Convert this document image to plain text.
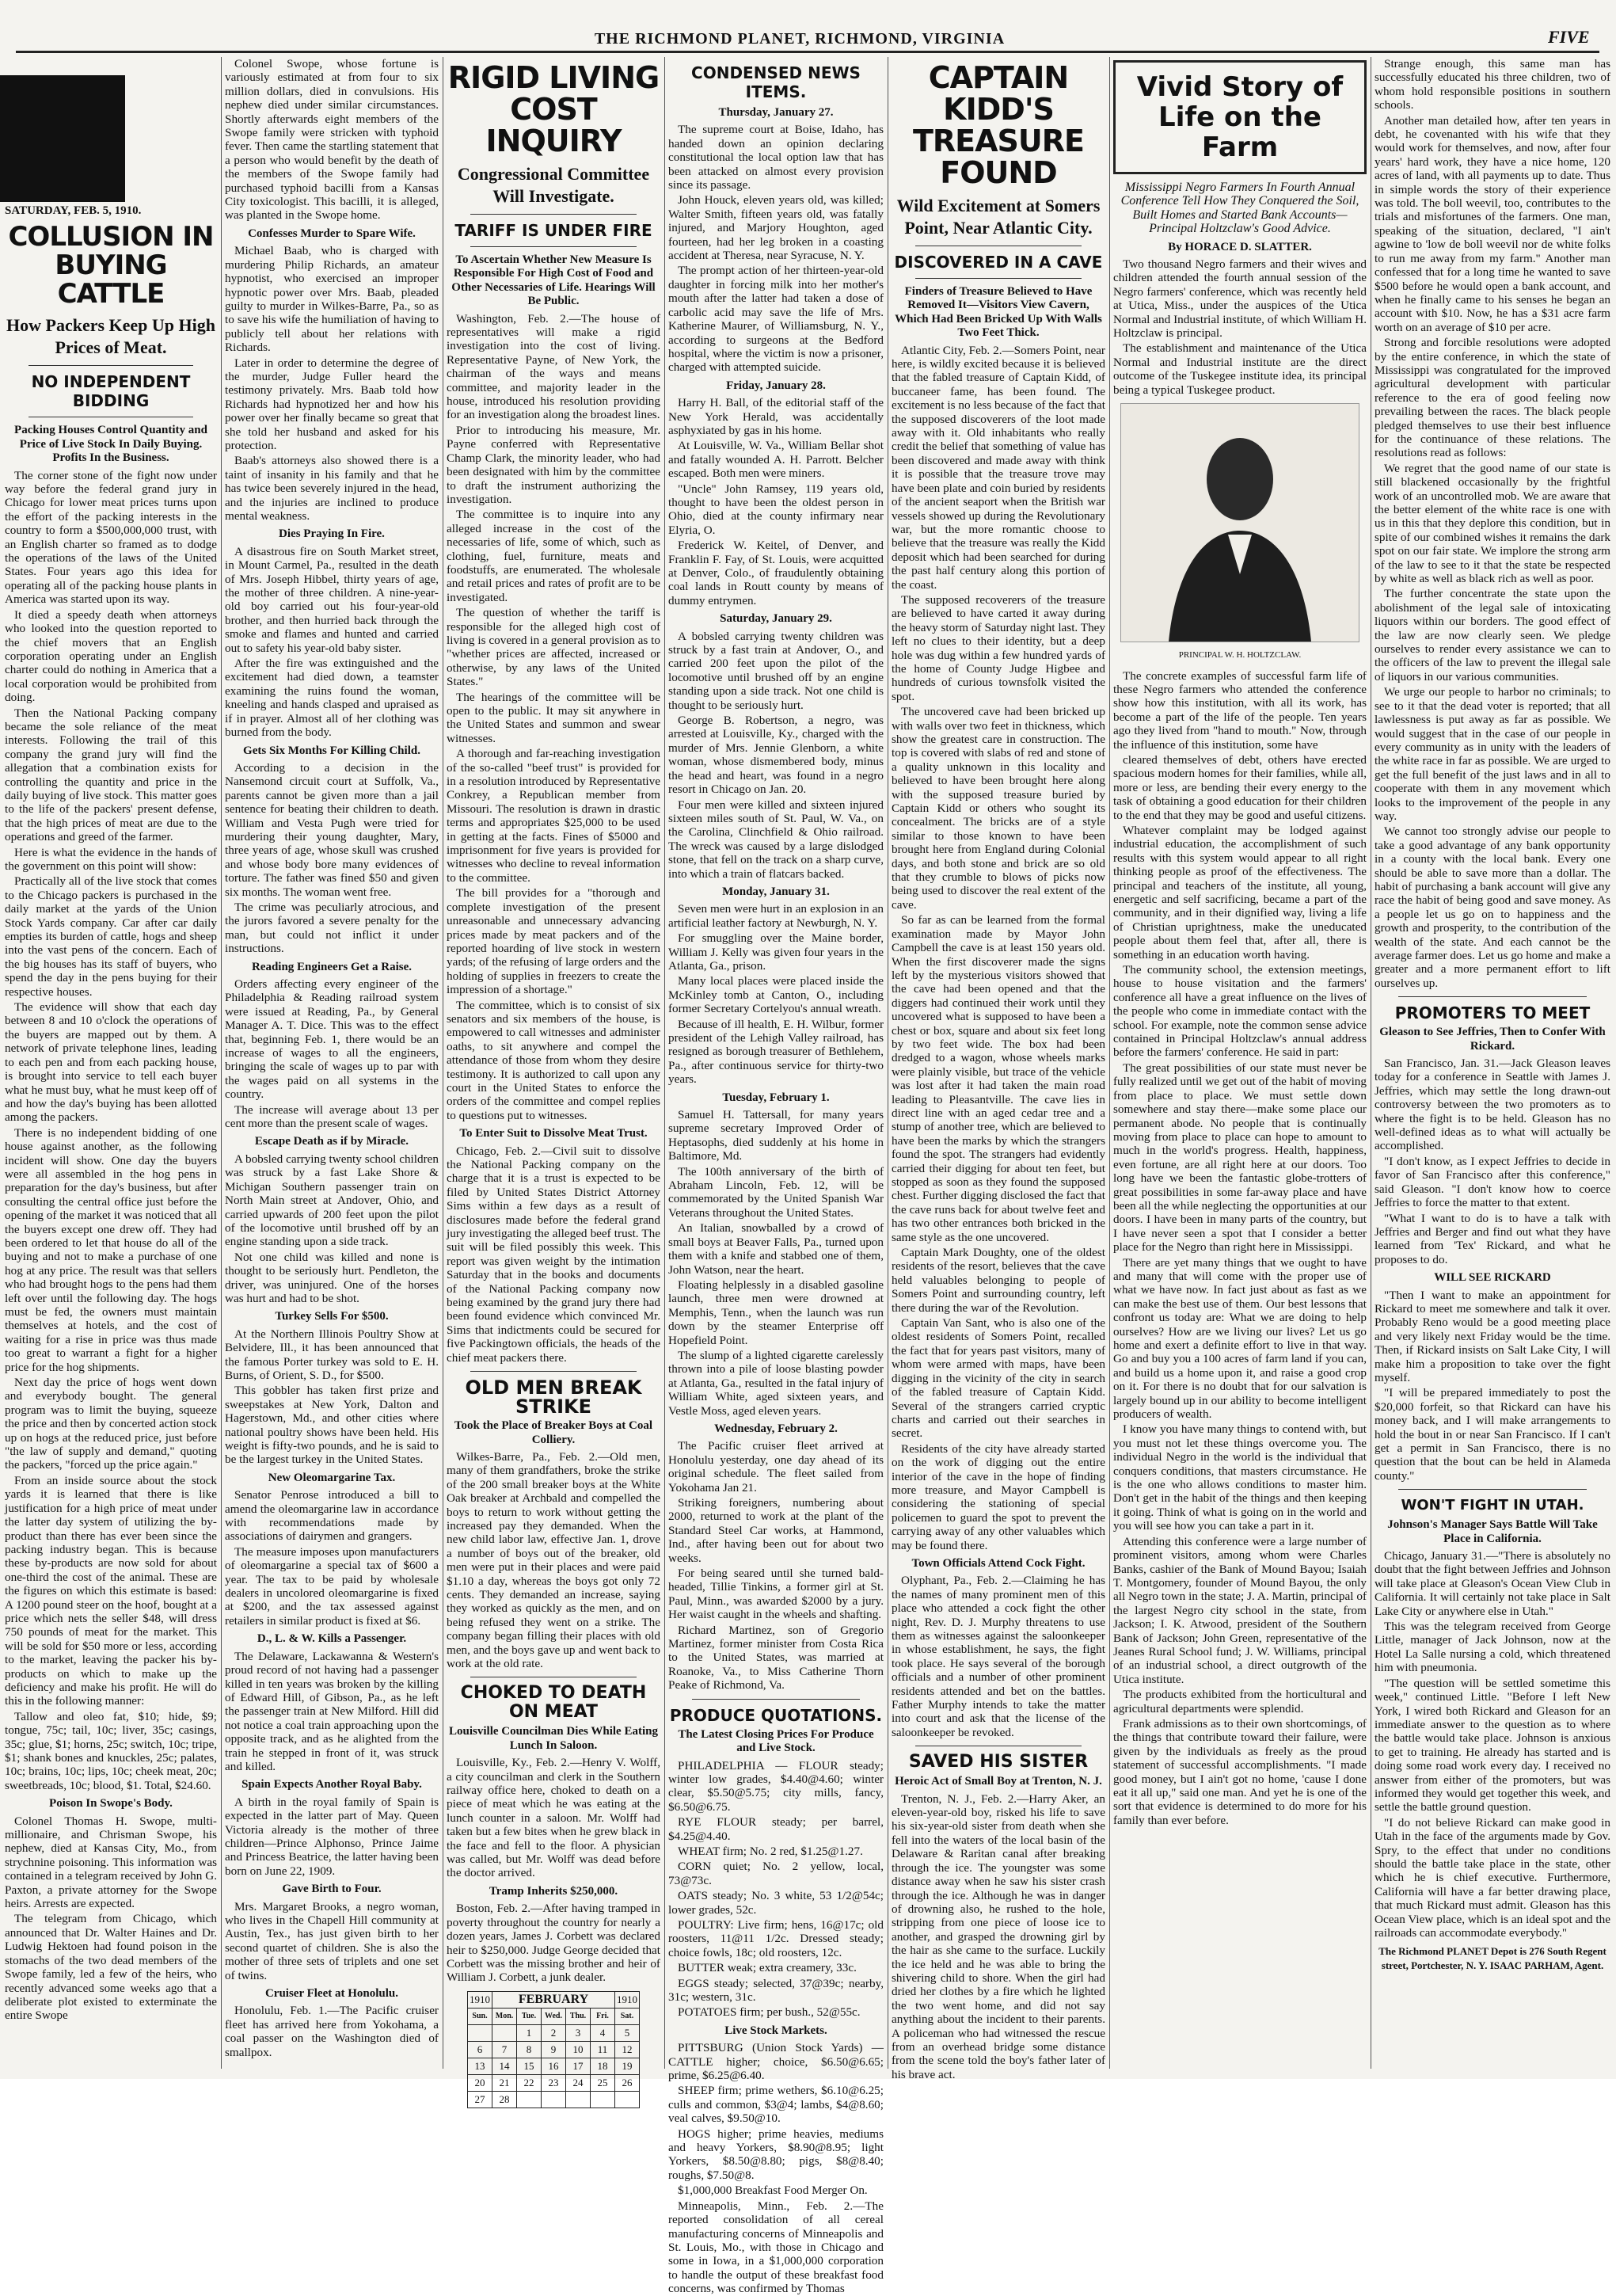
THE RICHMOND PLANET, RICHMOND, VIRGINIA	FIVE
SATURDAY, FEB. 5, 1910.
COLLUSION IN BUYING CATTLE
How Packers Keep Up High Prices of Meat.
NO INDEPENDENT BIDDING
Packing Houses Control Quantity and Price of Live Stock In Daily Buying. Profits In the Business.

The corner stone of the fight now under way before the federal grand jury in Chicago for lower meat prices turns upon the effort of the packing interests in the country to form a $500,000,000 trust, with an English charter so framed as to dodge the operations of the laws of the United States. Four years ago this idea for operating all of the packing house plants in America was started upon its way.

It died a speedy death when attorneys who looked into the question reported to the chief movers that an English corporation operating under an English charter could do nothing in America that a local corporation would be prohibited from doing.

Then the National Packing company became the sole reliance of the meat interests. Following the trail of this company the grand jury will find the allegation that a combination exists for controlling the quantity and price in the daily buying of live stock. This matter goes to the life of the packers' present defense, that the high prices of meat are due to the operations and greed of the farmer.

Here is what the evidence in the hands of the government on this point will show:

Practically all of the live stock that comes to the Chicago packers is purchased in the daily market at the yards of the Union Stock Yards company. Car after car daily empties its burden of cattle, hogs and sheep into the vast pens of the concern. Each of the big houses has its staff of buyers, who spend the day in the pens buying for their respective houses.

The evidence will show that each day between 8 and 10 o'clock the operations of the buyers are mapped out by them. A network of private telephone lines, leading to each pen and from each packing house, is brought into service to tell each buyer what he must buy, what he must keep off of and how the day's buying has been allotted among the packers.

There is no independent bidding of one house against another, as the following incident will show. One day the buyers were all assembled in the hog pens in preparation for the day's business, but after consulting the central office just before the opening of the market it was noticed that all the buyers except one drew off. They had been ordered to let that house do all of the buying and not to make a purchase of one hog at any price. The result was that sellers who had brought hogs to the pens had them left over until the following day. The hogs must be fed, the owners must maintain themselves at hotels, and the cost of waiting for a rise in price was thus made too great to warrant a fight for a higher price for the hog shipments.

Next day the price of hogs went down and everybody bought. The general program was to limit the buying, squeeze the price and then by concerted action stock up on hogs at the reduced price, just before "the law of supply and demand," quoting the packers, "forced up the price again."

From an inside source about the stock yards it is learned that there is like justification for a high price of meat under the latter day system of utilizing the by-product than there has ever been since the packing industry began. This is because these by-products are now sold for about one-third the cost of the animal. These are the figures on which this estimate is based: A 1200 pound steer on the hoof, bought at a price which nets the seller $48, will dress 750 pounds of meat for the market. This will be sold for $50 more or less, according to the market, leaving the packer his by-products on which to make up the deficiency and make his profit. He will do this in the following manner:

Tallow and oleo fat, $10; hide, $9; tongue, 75c; tail, 10c; liver, 35c; casings, 35c; glue, $1; horns, 25c; switch, 10c; tripe, $1; shank bones and knuckles, 25c; palates, 10c; brains, 10c; lips, 10c; cheek meat, 20c; sweetbreads, 10c; blood, $1. Total, $24.60.

Poison In Swope's Body.

Colonel Thomas H. Swope, multi-millionaire, and Chrisman Swope, his nephew, died at Kansas City, Mo., from strychnine poisoning. This information was contained in a telegram received by John G. Paxton, a private attorney for the Swope heirs. Arrests are expected.

The telegram from Chicago, which announced that Dr. Walter Haines and Dr. Ludwig Hektoen had found poison in the stomachs of the two dead members of the Swope family, led a few of the heirs, who recently advanced some weeks ago that a deliberate plot existed to exterminate the entire Swope

Colonel Swope, whose fortune is variously estimated at from four to six million dollars, died in convulsions. His nephew died under similar circumstances. Shortly afterwards eight members of the Swope family were stricken with typhoid fever. Then came the startling statement that a person who would benefit by the death of the members of the Swope family had purchased typhoid bacilli from a Kansas City toxicologist. This bacilli, it is alleged, was planted in the Swope home.

Confesses Murder to Spare Wife.

Michael Baab, who is charged with murdering Philip Richards, an amateur hypnotist, who exercised an improper hypnotic power over Mrs. Baab, pleaded guilty to murder in Wilkes-Barre, Pa., so as to save his wife the humiliation of having to publicly tell about her relations with Richards.

Later in order to determine the degree of the murder, Judge Fuller heard the testimony privately. Mrs. Baab told how Richards had hypnotized her and how his power over her finally became so great that she told her husband and asked for his protection.

Baab's attorneys also showed there is a taint of insanity in his family and that he has twice been severely injured in the head, and the injuries are inclined to produce mental weakness.

Dies Praying In Fire.

A disastrous fire on South Market street, in Mount Carmel, Pa., resulted in the death of Mrs. Joseph Hibbel, thirty years of age, the mother of three children. A nine-year-old boy carried out his four-year-old brother, and then hurried back through the smoke and flames and hunted and carried out to safety his year-old baby sister.

After the fire was extinguished and the excitement had died down, a teamster examining the ruins found the woman, kneeling and hands clasped and upraised as if in prayer. Almost all of her clothing was burned from the body.

Gets Six Months For Killing Child.

According to a decision in the Nansemond circuit court at Suffolk, Va., parents cannot be given more than a jail sentence for beating their children to death. William and Vesta Pugh were tried for murdering their young daughter, Mary, three years of age, whose skull was crushed and whose body bore many evidences of torture. The father was fined $50 and given six months. The woman went free.

The crime was peculiarly atrocious, and the jurors favored a severe penalty for the man, but could not inflict it under instructions.

Reading Engineers Get a Raise.

Orders affecting every engineer of the Philadelphia & Reading railroad system were issued at Reading, Pa., by General Manager A. T. Dice. This was to the effect that, beginning Feb. 1, there would be an increase of wages to all the engineers, bringing the scale of wages up to par with the wages paid on all systems in the country.

The increase will average about 13 per cent more than the present scale of wages.

Escape Death as if by Miracle.

A bobsled carrying twenty school children was struck by a fast Lake Shore & Michigan Southern passenger train on North Main street at Andover, Ohio, and carried upwards of 200 feet upon the pilot of the locomotive until brushed off by an engine standing upon a side track.

Not one child was killed and none is thought to be seriously hurt. Pendleton, the driver, was uninjured. One of the horses was hurt and had to be shot.

Turkey Sells For $500.

At the Northern Illinois Poultry Show at Belvidere, Ill., it has been announced that the famous Porter turkey was sold to E. H. Burns, of Orient, S. D., for $500.

This gobbler has taken first prize and sweepstakes at New York, Dalton and Hagerstown, Md., and other cities where national poultry shows have been held. His weight is fifty-two pounds, and he is said to be the largest turkey in the United States.

New Oleomargarine Tax.

Senator Penrose introduced a bill to amend the oleomargarine law in accordance with recommendations made by associations of dairymen and grangers.

The measure imposes upon manufacturers of oleomargarine a special tax of $600 a year. The tax to be paid by wholesale dealers in uncolored oleomargarine is fixed at $200, and the tax assessed against retailers in similar product is fixed at $6.

D., L. & W. Kills a Passenger.

The Delaware, Lackawanna & Western's proud record of not having had a passenger killed in ten years was broken by the killing of Edward Hill, of Gibson, Pa., as he left the passenger train at New Milford. Hill did not notice a coal train approaching upon the opposite track, and as he alighted from the train he stepped in front of it, was struck and killed.

Spain Expects Another Royal Baby.

A birth in the royal family of Spain is expected in the latter part of May. Queen Victoria already is the mother of three children—Prince Alphonso, Prince Jaime and Princess Beatrice, the latter having been born on June 22, 1909.

Gave Birth to Four.

Mrs. Margaret Brooks, a negro woman, who lives in the Chapell Hill community at Austin, Tex., has just given birth to her second quartet of children. She is also the mother of three sets of triplets and one set of twins.

Cruiser Fleet at Honolulu.

Honolulu, Feb. 1.—The Pacific cruiser fleet has arrived here from Yokohama, a coal passer on the Washington died of smallpox.

RIGID LIVING COST INQUIRY
Congressional Committee Will Investigate.
TARIFF IS UNDER FIRE
To Ascertain Whether New Measure Is Responsible For High Cost of Food and Other Necessaries of Life. Hearings Will Be Public.

Washington, Feb. 2.—The house of representatives will make a rigid investigation into the cost of living. Representative Payne, of New York, the chairman of the ways and means committee, and majority leader in the house, introduced his resolution providing for an investigation along the broadest lines.

Prior to introducing his measure, Mr. Payne conferred with Representative Champ Clark, the minority leader, who had been designated with him by the committee to draft the instrument authorizing the investigation.

The committee is to inquire into any alleged increase in the cost of the necessaries of life, some of which, such as clothing, fuel, furniture, meats and foodstuffs, are enumerated. The wholesale and retail prices and rates of profit are to be investigated.

The question of whether the tariff is responsible for the alleged high cost of living is covered in a general provision as to "whether prices are affected, increased or otherwise, by any laws of the United States."

The hearings of the committee will be open to the public. It may sit anywhere in the United States and summon and swear witnesses.

A thorough and far-reaching investigation of the so-called "beef trust" is provided for in a resolution introduced by Representative Conkrey, a Republican member from Missouri. The resolution is drawn in drastic terms and appropriates $25,000 to be used in getting at the facts. Fines of $5000 and imprisonment for five years is provided for witnesses who decline to reveal information to the committee.

The bill provides for a "thorough and complete investigation of the present unreasonable and unnecessary advancing prices made by meat packers and of the reported hoarding of live stock in western yards; of the refusing of large orders and the holding of supplies in freezers to create the impression of a shortage."

The committee, which is to consist of six senators and six members of the house, is empowered to call witnesses and administer oaths, to sit anywhere and compel the attendance of those from whom they desire testimony. It is authorized to call upon any court in the United States to enforce the orders of the committee and compel replies to questions put to witnesses.

To Enter Suit to Dissolve Meat Trust.

Chicago, Feb. 2.—Civil suit to dissolve the National Packing company on the charge that it is a trust is expected to be filed by United States District Attorney Sims within a few days as a result of disclosures made before the federal grand jury investigating the alleged beef trust. The suit will be filed possibly this week. This report was given weight by the intimation Saturday that in the books and documents of the National Packing company now being examined by the grand jury there had been found evidence which convinced Mr. Sims that indictments could be secured for five Packingtown officials, the heads of the chief meat packers there.

OLD MEN BREAK STRIKE
Took the Place of Breaker Boys at Coal Colliery.

Wilkes-Barre, Pa., Feb. 2.—Old men, many of them grandfathers, broke the strike of the 200 small breaker boys at the White Oak breaker at Archbald and compelled the boys to return to work without getting the increased pay they demanded. When the new child labor law, effective Jan. 1, drove a number of boys out of the breaker, old men were put in their places and were paid $1.10 a day, whereas the boys got only 72 cents. They demanded an increase, saying they worked as quickly as the men, and on being refused they went on a strike. The company began filling their places with old men, and the boys gave up and went back to work at the old rate.

CHOKED TO DEATH ON MEAT
Louisville Councilman Dies While Eating Lunch In Saloon.

Louisville, Ky., Feb. 2.—Henry V. Wolff, a city councilman and clerk in the Southern railway office here, choked to death on a piece of meat which he was eating at the lunch counter in a saloon. Mr. Wolff had taken but a few bites when he grew black in the face and fell to the floor. A physician was called, but Mr. Wolff was dead before the doctor arrived.

Tramp Inherits $250,000.

Boston, Feb. 2.—After having tramped in poverty throughout the country for nearly a dozen years, James J. Corbett was declared heir to $250,000. Judge George decided that Corbett was the missing brother and heir of William J. Corbett, a junk dealer.

1910	FEBRUARY					1910
Sun.	Mon.	Tue.	Wed.	Thu.	Fri.	Sat.
		1	2	3	4	5
6	7	8	9	10	11	12
13	14	15	16	17	18	19
20	21	22	23	24	25	26
27	28					
CONDENSED NEWS ITEMS.
Thursday, January 27.

The supreme court at Boise, Idaho, has handed down an opinion declaring constitutional the local option law that has been attacked on almost every provision since its passage.

John Houck, eleven years old, was killed; Walter Smith, fifteen years old, was fatally injured, and Marjory Houghton, aged fourteen, had her leg broken in a coasting accident at Theresa, near Syracuse, N. Y.

The prompt action of her thirteen-year-old daughter in forcing milk into her mother's mouth after the latter had taken a dose of carbolic acid may save the life of Mrs. Katherine Maurer, of Williamsburg, N. Y., according to surgeons at the Bedford hospital, where the victim is now a prisoner, charged with attempted suicide.

Friday, January 28.

Harry H. Ball, of the editorial staff of the New York Herald, was accidentally asphyxiated by gas in his home.

At Louisville, W. Va., William Bellar shot and fatally wounded A. H. Parrott. Belcher escaped. Both men were miners.

"Uncle" John Ramsey, 119 years old, thought to have been the oldest person in Ohio, died at the county infirmary near Elyria, O.

Frederick W. Keitel, of Denver, and Franklin F. Fay, of St. Louis, were acquitted at Denver, Colo., of fraudulently obtaining coal lands in Routt county by means of dummy entrymen.

Saturday, January 29.

A bobsled carrying twenty children was struck by a fast train at Andover, O., and carried 200 feet upon the pilot of the locomotive until brushed off by an engine standing upon a side track. Not one child is thought to be seriously hurt.

George B. Robertson, a negro, was arrested at Louisville, Ky., charged with the murder of Mrs. Jennie Glenborn, a white woman, whose dismembered body, minus the head and heart, was found in a negro resort in Chicago on Jan. 20.

Four men were killed and sixteen injured sixteen miles south of St. Paul, W. Va., on the Carolina, Clinchfield & Ohio railroad. The wreck was caused by a large dislodged stone, that fell on the track on a sharp curve, into which a train of flatcars backed.

Monday, January 31.

Seven men were hurt in an explosion in an artificial leather factory at Newburgh, N. Y.

For smuggling over the Maine border, William J. Kelly was given four years in the Atlanta, Ga., prison.

Many local places were placed inside the McKinley tomb at Canton, O., including former Secretary Cortelyou's annual wreath.

Because of ill health, E. H. Wilbur, former president of the Lehigh Valley railroad, has resigned as borough treasurer of Bethlehem, Pa., after continuous service for thirty-two years.

Tuesday, February 1.

Samuel H. Tattersall, for many years supreme secretary Improved Order of Heptasophs, died suddenly at his home in Baltimore, Md.

The 100th anniversary of the birth of Abraham Lincoln, Feb. 12, will be commemorated by the United Spanish War Veterans throughout the United States.

An Italian, snowballed by a crowd of small boys at Beaver Falls, Pa., turned upon them with a knife and stabbed one of them, John Watson, near the heart.

Floating helplessly in a disabled gasoline launch, three men were drowned at Memphis, Tenn., when the launch was run down by the steamer Enterprise off Hopefield Point.

The slump of a lighted cigarette carelessly thrown into a pile of loose blasting powder at Atlanta, Ga., resulted in the fatal injury of William White, aged sixteen years, and Vestle Moss, aged eleven years.

Wednesday, February 2.

The Pacific cruiser fleet arrived at Honolulu yesterday, one day ahead of its original schedule. The fleet sailed from Yokohama Jan 21.

Striking foreigners, numbering about 2000, returned to work at the plant of the Standard Steel Car works, at Hammond, Ind., after having been out for about two weeks.

For being seared until she turned bald-headed, Tillie Tinkins, a former girl at St. Paul, Minn., was awarded $2000 by a jury. Her waist caught in the wheels and shafting.

Richard Martinez, son of Gregorio Martinez, former minister from Costa Rica to the United States, was married at Roanoke, Va., to Miss Catherine Thorn Peake of Richmond, Va.

PRODUCE QUOTATIONS.
The Latest Closing Prices For Produce and Live Stock.

PHILADELPHIA — FLOUR steady; winter low grades, $4.40@4.60; winter clear, $5.50@5.75; city mills, fancy, $6.50@6.75.

RYE FLOUR steady; per barrel, $4.25@4.40.

WHEAT firm; No. 2 red, $1.25@1.27.

CORN quiet; No. 2 yellow, local, 73@73c.

OATS steady; No. 3 white, 53 1/2@54c; lower grades, 52c.

POULTRY: Live firm; hens, 16@17c; old roosters, 11@11 1/2c. Dressed steady; choice fowls, 18c; old roosters, 12c.

BUTTER weak; extra creamery, 33c.

EGGS steady; selected, 37@39c; nearby, 31c; western, 31c.

POTATOES firm; per bush., 52@55c.

Live Stock Markets.

PITTSBURG (Union Stock Yards) — CATTLE higher; choice, $6.50@6.65; prime, $6.25@6.40.

SHEEP firm; prime wethers, $6.10@6.25; culls and common, $3@4; lambs, $4@8.60; veal calves, $9.50@10.

HOGS higher; prime heavies, mediums and heavy Yorkers, $8.90@8.95; light Yorkers, $8.50@8.80; pigs, $8@8.40; roughs, $7.50@8.

$1,000,000 Breakfast Food Merger On.

Minneapolis, Minn., Feb. 2.—The reported consolidation of all cereal manufacturing concerns of Minneapolis and St. Louis, Mo., with those in Chicago and some in Iowa, in a $1,000,000 corporation to handle the output of these breakfast food concerns, was confirmed by Thomas

CAPTAIN KIDD'S TREASURE FOUND
Wild Excitement at Somers Point, Near Atlantic City.
DISCOVERED IN A CAVE
Finders of Treasure Believed to Have Removed It—Visitors View Cavern, Which Had Been Bricked Up With Walls Two Feet Thick.

Atlantic City, Feb. 2.—Somers Point, near here, is wildly excited because it is believed that the fabled treasure of Captain Kidd, of buccaneer fame, has been found. The excitement is no less because of the fact that the supposed discoverers of the loot made away with it. Old inhabitants who really credit the belief that something of value has been discovered and made away with think it is possible that the treasure trove may have been plate and coin buried by residents of the ancient seaport when the British war vessels showed up during the Revolutionary war, but the more romantic choose to believe that the treasure was really the Kidd deposit which had been searched for during the past half century along this portion of the coast.

The supposed recoverers of the treasure are believed to have carted it away during the heavy storm of Saturday night last. They left no clues to their identity, but a deep hole was dug within a few hundred yards of the home of County Judge Higbee and hundreds of curious townsfolk visited the spot.

The uncovered cave had been bricked up with walls over two feet in thickness, which show the greatest care in construction. The top is covered with slabs of red and stone of a quality unknown in this locality and believed to have been brought here along with the supposed treasure buried by Captain Kidd or others who sought its concealment. The bricks are of a style similar to those known to have been brought here from England during Colonial days, and both stone and brick are so old that they crumble to blows of picks now being used to discover the real extent of the cave.

So far as can be learned from the formal examination made by Mayor John Campbell the cave is at least 150 years old. When the first discoverer made the signs left by the mysterious visitors showed that the cave had been opened and that the diggers had continued their work until they uncovered what is supposed to have been a chest or box, square and about six feet long by two feet wide. The box had been dredged to a wagon, whose wheels marks were plainly visible, but trace of the vehicle was lost after it had taken the main road leading to Pleasantville. The cave lies in direct line with an aged cedar tree and a stump of another tree, which are believed to have been the marks by which the strangers found the spot. The strangers had evidently carried their digging for about ten feet, but stopped as soon as they found the supposed chest. Further digging disclosed the fact that the cave runs back for about twelve feet and has two other entrances both bricked in the same style as the one uncovered.

Captain Mark Doughty, one of the oldest residents of the resort, believes that the cave held valuables belonging to people of Somers Point and surrounding country, left there during the war of the Revolution.

Captain Van Sant, who is also one of the oldest residents of Somers Point, recalled the fact that for years past visitors, many of whom were armed with maps, have been digging in the vicinity of the city in search of the fabled treasure of Captain Kidd. Several of the strangers carried cryptic charts and carried out their searches in secret.

Residents of the city have already started on the work of digging out the entire interior of the cave in the hope of finding more treasure, and Mayor Campbell is considering the stationing of special policemen to guard the spot to prevent the carrying away of any other valuables which may be found there.

Town Officials Attend Cock Fight.

Olyphant, Pa., Feb. 2.—Claiming he has the names of many prominent men of this place who attended a cock fight the other night, Rev. D. J. Murphy threatens to use them as witnesses against the saloonkeeper in whose establishment, he says, the fight took place. He says several of the borough officials and a number of other prominent residents attended and bet on the battles. Father Murphy intends to take the matter into court and ask that the license of the saloonkeeper be revoked.

SAVED HIS SISTER
Heroic Act of Small Boy at Trenton, N. J.

Trenton, N. J., Feb. 2.—Harry Aker, an eleven-year-old boy, risked his life to save his six-year-old sister from death when she fell into the waters of the local basin of the Delaware & Raritan canal after breaking through the ice. The youngster was some distance away when he saw his sister crash through the ice. Although he was in danger of drowning also, he rushed to the hole, stripping from one piece of loose ice to another, and grasped the drowning girl by the hair as she came to the surface. Luckily the ice held and he was able to bring the shivering child to shore. When the girl had dried her clothes by a fire which he lighted the two went home, and did not say anything about the incident to their parents. A policeman who had witnessed the rescue from an overhead bridge some distance from the scene told the boy's father later of his brave act.

Vivid Story of Life on the Farm
Mississippi Negro Farmers In Fourth Annual Conference Tell How They Conquered the Soil, Built Homes and Started Bank Accounts—Principal Holtzclaw's Good Advice.
By HORACE D. SLATTER.

Two thousand Negro farmers and their wives and children attended the fourth annual session of the Negro farmers' conference, which was recently held at Utica, Miss., under the auspices of the Utica Normal and Industrial institute, of which William H. Holtzclaw is principal.

The establishment and maintenance of the Utica Normal and Industrial institute are the direct outcome of the Tuskegee institute idea, its principal being a typical Tuskegee product.

PRINCIPAL W. H. HOLTZCLAW.

The concrete examples of successful farm life of these Negro farmers who attended the conference show how this institution, with all its work, has become a part of the life of the people. Ten years ago they lived from "hand to mouth." Now, through the influence of this institution, some have

cleared themselves of debt, others have erected spacious modern homes for their families, while all, more or less, are bending their every energy to the task of obtaining a good education for their children to the end that they may be good and useful citizens.

Whatever complaint may be lodged against industrial education, the accomplishment of such results with this system would appear to all right thinking people as proof of the effectiveness. The principal and teachers of the institute, all young, energetic and self sacrificing, became a part of the community, and in their dignified way, living a life of Christian uprightness, make the uneducated people about them feel that, after all, there is something in an education worth having.

The community school, the extension meetings, house to house visitation and the farmers' conference all have a great influence on the lives of the people who come in immediate contact with the school. For example, note the common sense advice contained in Principal Holtzclaw's annual address before the farmers' conference. He said in part:

The great possibilities of our state must never be fully realized until we get out of the habit of moving from place to place. We must settle down somewhere and stay there—make some place our permanent abode. No people that is continually moving from place to place can hope to amount to much in the world's progress. Health, happiness, even fortune, are all right here at our doors. Too long have we been the fantastic globe-trotters of great possibilities in some far-away place and have been all the while neglecting the opportunities at our doors. I have been in many parts of the country, but I have never seen a spot that I consider a better place for the Negro than right here in Mississippi.

There are yet many things that we ought to have and many that will come with the proper use of what we have now. In fact just about as fast as we can make the best use of them. Our best lessons that confront us today are: What we are doing to help ourselves? How are we living our lives? Let us go home and exert a definite effort to live in that way. Go and buy you a 100 acres of farm land if you can, and build us a home upon it, and raise a good crop on it. For there is no doubt that for our salvation is largely bound up in our ability to become intelligent producers of wealth.

I know you have many things to contend with, but you must not let these things overcome you. The individual Negro in the world is the individual that conquers conditions, that masters circumstance. He is the one who allows conditions to master him. Don't get in the habit of the things and then keeping it going. Think of what is going on in the world and you will see how you can take a part in it.

Attending this conference were a large number of prominent visitors, among whom were Charles Banks, cashier of the Bank of Mound Bayou; Isaiah T. Montgomery, founder of Mound Bayou, the only all Negro town in the state; J. A. Martin, principal of the largest Negro city school in the state, from Jackson; I. K. Atwood, president of the Southern Bank of Jackson; John Green, representative of the Jeanes Rural School fund; J. W. Williams, principal of an industrial school, a direct outgrowth of the Utica institute.

The products exhibited from the horticultural and agricultural departments were splendid.

Frank admissions as to their own shortcomings, of the things that contribute toward their failure, were given by the individuals as freely as the proud statement of successful accomplishments. "I made good money, but I ain't got no home, 'cause I done eat it all up," said one man. And yet he is one of the sort that evidence is determined to do more for his family than ever before.

Strange enough, this same man has successfully educated his three children, two of whom hold responsible positions in southern schools.

Another man detailed how, after ten years in debt, he covenanted with his wife that they would work for themselves, and now, after four years' hard work, they have a nice home, 120 acres of land, with all payments up to date. Thus in simple words the story of their experience was told. The boll weevil, too, contributes to the trials and misfortunes of the farmers. One man, speaking of the situation, declared, "I ain't agwine to 'low de boll weevil nor de white folks to run me away from my farm." Another man confessed that for a long time he wanted to save $500 before he would open a bank account, and when he finally came to his senses he began an account with $10. Now, he has a $31 acre farm worth on an average of $10 per acre.

Strong and forcible resolutions were adopted by the entire conference, in which the state of Mississippi was congratulated for the improved agricultural development with particular reference to the era of good feeling now prevailing between the races. The black people pledged themselves to use their best influence for the continuance of these relations. The resolutions read as follows:

We regret that the good name of our state is still blackened occasionally by the frightful work of an uncontrolled mob. We are aware that the better element of the white race is one with us in this that they deplore this condition, but in spite of our combined wishes it remains the dark spot on our fair state. We implore the strong arm of the law to see to it that the state be respected by white as well as black rich as well as poor.

The further concentrate the state upon the abolishment of the legal sale of intoxicating liquors within our borders. The good effect of the law are now clearly seen. We pledge ourselves to render every assistance we can to the officers of the law to prevent the illegal sale of liquors in our various communities.

We urge our people to harbor no criminals; to see to it that the dead voter is reported; that all lawlessness is put away as far as possible. We would suggest that in the case of our people in every community as in unity with the leaders of the white race in far as possible. We are urged to get the full benefit of the just laws and in all to cooperate with them in any movement which looks to the improvement of the people in any way.

We cannot too strongly advise our people to take a good advantage of any bank opportunity in a county with the local bank. Every one should be able to save more than a dollar. The habit of purchasing a bank account will give any race the habit of being good and save money. As a people let us go on to happiness and the growth and prosperity, to the contribution of the wealth of the state. And each cannot be the average farmer does. Let us go home and make a greater and a more permanent effort to lift ourselves up.

PROMOTERS TO MEET
Gleason to See Jeffries, Then to Confer With Rickard.

San Francisco, Jan. 31.—Jack Gleason leaves today for a conference in Seattle with James J. Jeffries, which may settle the long drawn-out controversy between the two promoters as to where the fight is to be held. Gleason has no well-defined ideas as to what will actually be accomplished.

"I don't know, as I expect Jeffries to decide in favor of San Francisco after this conference," said Gleason. "I don't know how to coerce Jeffries to force the matter to that extent.

"What I want to do is to have a talk with Jeffries and Berger and find out what they have learned from 'Tex' Rickard, and what he proposes to do.

WILL SEE RICKARD

"Then I want to make an appointment for Rickard to meet me somewhere and talk it over. Probably Reno would be a good meeting place and very likely next Friday would be the time. Then, if Rickard insists on Salt Lake City, I will make him a proposition to take over the fight myself.

"I will be prepared immediately to post the $20,000 forfeit, so that Rickard can have his money back, and I will make arrangements to hold the bout in or near San Francisco. If I can't get a permit in San Francisco, there is no question that the bout can be held in Alameda county."

WON'T FIGHT IN UTAH.
Johnson's Manager Says Battle Will Take Place in California.

Chicago, January 31.—"There is absolutely no doubt that the fight between Jeffries and Johnson will take place at Gleason's Ocean View Club in California. It will certainly not take place in Salt Lake City or anywhere else in Utah."

This was the telegram received from George Little, manager of Jack Johnson, now at the Hotel La Salle nursing a cold, which threatened him with pneumonia.

"The question will be settled sometime this week," continued Little. "Before I left New York, I wired both Rickard and Gleason for an immediate answer to the question as to where the battle would take place. Johnson is anxious to get to training. He already has started and is doing some road work every day. I received no answer from either of the promoters, but was informed they would get together this week, and settle the battle ground question.

"I do not believe Rickard can make good in Utah in the face of the arguments made by Gov. Spry, to the effect that under no conditions should the battle take place in the state, other which he is chief executive. Furthermore, California will have a far better drawing place, that much Rickard must admit. Gleason has this Ocean View place, which is an ideal spot and the railroads can accommodate everybody."

The Richmond PLANET Depot is 276 South Regent street, Portchester, N. Y. ISAAC PARHAM, Agent.
